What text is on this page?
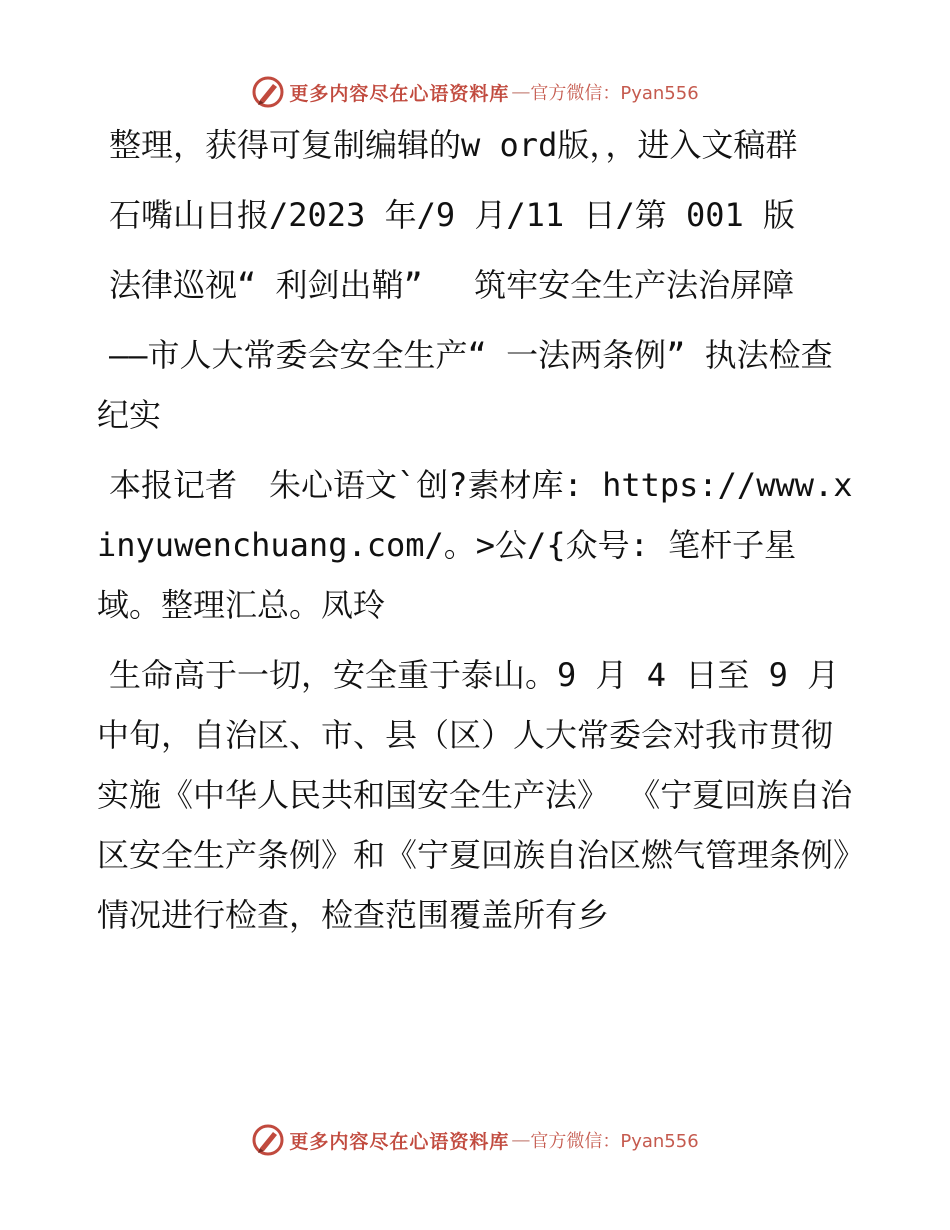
更多内容尽在心语资料库 — 官方微信：Pyan556

整理，获得可复制编辑的w ord版，，进入文稿群

石嘴山日报/2023 年/9 月/11 日/第 001 版

法律巡视“ 利剑出鞘”　 筑牢安全生产法治屏障

——市人大常委会安全生产“ 一法两条例” 执法检查纪实

本报记者　朱心语文`创?素材库: https://www.xinyuwenchuang.com/。>公/{众号: 笔杆子星域。整理汇总。凤玲

生命高于一切，安全重于泰山。9 月 4 日至 9 月中旬，自治区、市、县（区）人大常委会对我市贯彻实施《中华人民共和国安全生产法》 《宁夏回族自治区安全生产条例》和《宁夏回族自治区燃气管理条例》情况进行检查，检查范围覆盖所有乡

更多内容尽在心语资料库 — 官方微信：Pyan556
